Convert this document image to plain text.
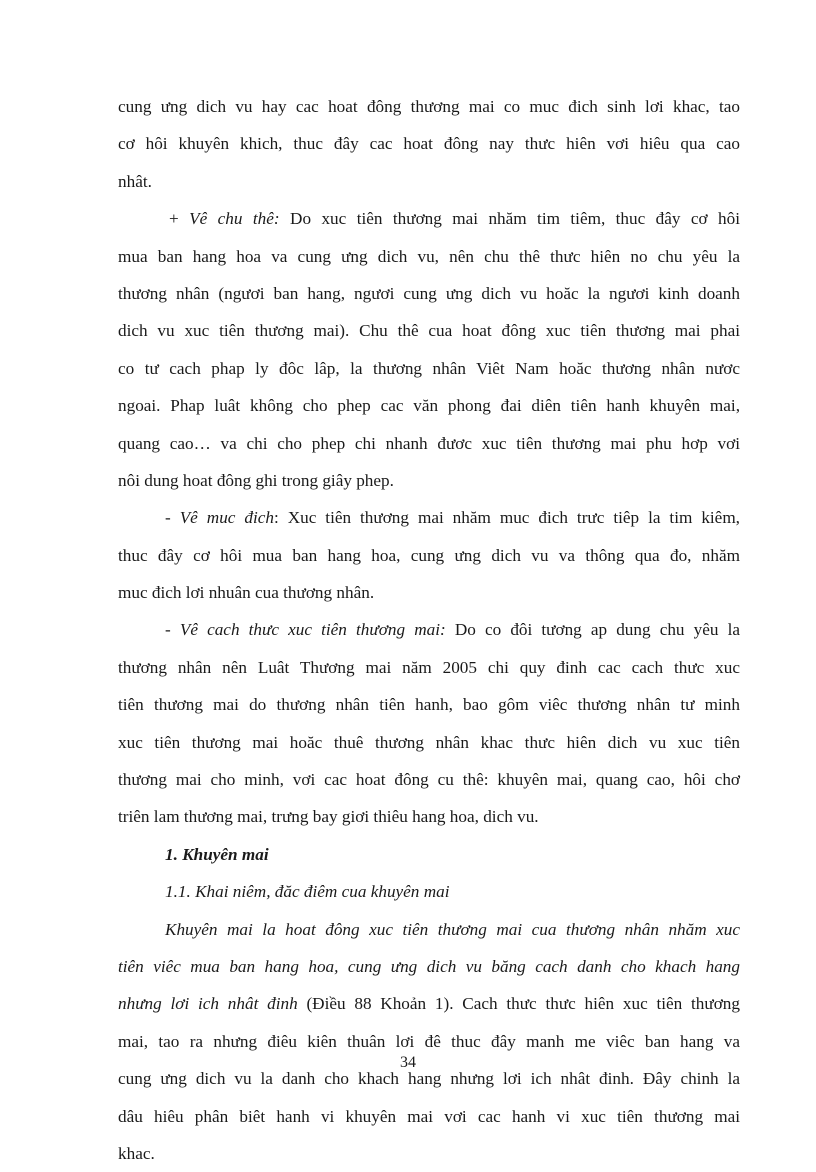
cung ưng dich vu hay cac hoat đông thương mai co muc đich sinh lơi khac, tao
cơ hôi khuyên khich, thuc đây cac hoat đông nay thưc hiên vơi hiêu qua cao
nhât.
+ Vê chu thê: Do xuc tiên thương mai nhăm tim tiêm, thuc đây cơ hôi
mua ban hang hoa va cung ưng dich vu, nên chu thê thưc hiên no chu yêu la
thương nhân (ngươi ban hang, ngươi cung ưng dich vu hoăc la ngươi kinh doanh
dich vu xuc tiên thương mai). Chu thê cua hoat đông xuc tiên thương mai phai
co tư cach phap ly đôc lâp, la thương nhân Viêt Nam hoăc thương nhân nươc
ngoai. Phap luât không cho phep cac văn phong đai diên tiên hanh khuyên mai,
quang cao… va chi cho phep chi nhanh đươc xuc tiên thương mai phu hơp vơi
nôi dung hoat đông ghi trong giây phep.
- Vê muc đich: Xuc tiên thương mai nhăm muc đich trưc tiêp la tim kiêm,
thuc đây cơ hôi mua ban hang hoa, cung ưng dich vu va thông qua đo, nhăm
muc đich lơi nhuân cua thương nhân.
- Vê cach thưc xuc tiên thương mai: Do co đôi tương ap dung chu yêu la
thương nhân nên Luât Thương mai năm 2005 chi quy đinh cac cach thưc xuc
tiên thương mai do thương nhân tiên hanh, bao gôm viêc thương nhân tư minh
xuc tiên thương mai hoăc thuê thương nhân khac thưc hiên dich vu xuc tiên
thương mai cho minh, vơi cac hoat đông cu thê: khuyên mai, quang cao, hôi chơ
triên lam thương mai, trưng bay giơi thiêu hang hoa, dich vu.
1. Khuyên mai
1.1. Khai niêm, đăc điêm cua khuyên mai
Khuyên mai la hoat đông xuc tiên thương mai cua thương nhân nhăm xuc
tiên viêc mua ban hang hoa, cung ưng dich vu băng cach danh cho khach hang
nhưng lơi ich nhât đinh (Điều 88 Khoản 1). Cach thưc thưc hiên xuc tiên thương
mai, tao ra nhưng điêu kiên thuân lơi đê thuc đây manh me viêc ban hang va
cung ưng dich vu la danh cho khach hang nhưng lơi ich nhât đinh. Đây chinh la
dâu hiêu phân biêt hanh vi khuyên mai vơi cac hanh vi xuc tiên thương mai
khac.
34
